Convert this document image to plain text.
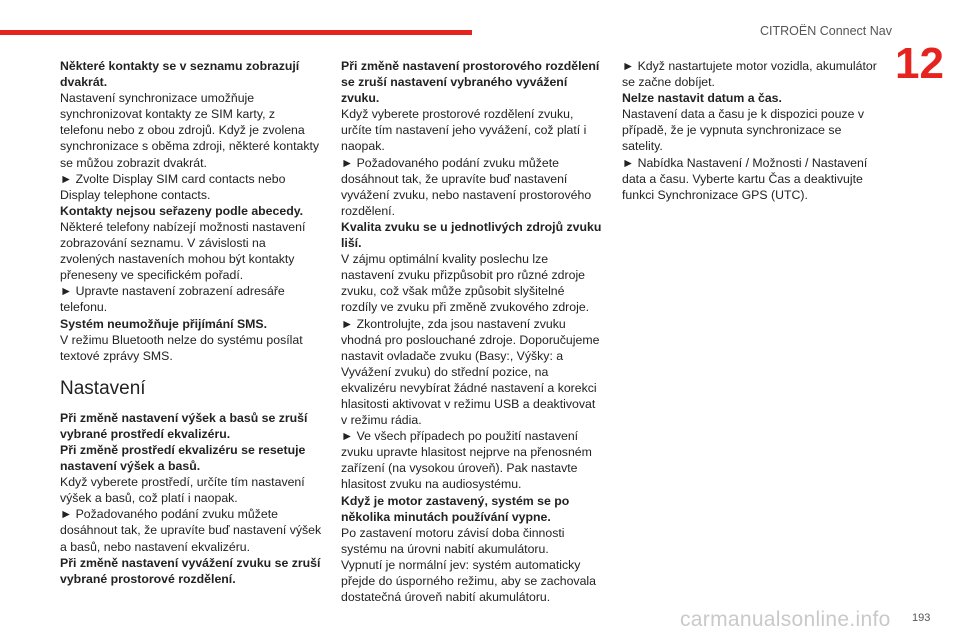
CITROËN Connect Nav
12

Některé kontakty se v seznamu zobrazují dvakrát.

Nastavení synchronizace umožňuje synchronizovat kontakty ze SIM karty, z telefonu nebo z obou zdrojů. Když je zvolena synchronizace s oběma zdroji, některé kontakty se můžou zobrazit dvakrát.

► Zvolte Display SIM card contacts nebo Display telephone contacts.

Kontakty nejsou seřazeny podle abecedy.

Některé telefony nabízejí možnosti nastavení zobrazování seznamu. V závislosti na zvolených nastaveních mohou být kontakty přeneseny ve specifickém pořadí.

► Upravte nastavení zobrazení adresáře telefonu.

Systém neumožňuje přijímání SMS.

V režimu Bluetooth nelze do systému posílat textové zprávy SMS.

Nastavení

Při změně nastavení výšek a basů se zruší vybrané prostředí ekvalizéru.

Při změně prostředí ekvalizéru se resetuje nastavení výšek a basů.

Když vyberete prostředí, určíte tím nastavení výšek a basů, což platí i naopak.

► Požadovaného podání zvuku můžete dosáhnout tak, že upravíte buď nastavení výšek a basů, nebo nastavení ekvalizéru.

Při změně nastavení vyvážení zvuku se zruší vybrané prostorové rozdělení.

Při změně nastavení prostorového rozdělení se zruší nastavení vybraného vyvážení zvuku.

Když vyberete prostorové rozdělení zvuku, určíte tím nastavení jeho vyvážení, což platí i naopak.

► Požadovaného podání zvuku můžete dosáhnout tak, že upravíte buď nastavení vyvážení zvuku, nebo nastavení prostorového rozdělení.

Kvalita zvuku se u jednotlivých zdrojů zvuku liší.

V zájmu optimální kvality poslechu lze nastavení zvuku přizpůsobit pro různé zdroje zvuku, což však může způsobit slyšitelné rozdíly ve zvuku při změně zvukového zdroje.

► Zkontrolujte, zda jsou nastavení zvuku vhodná pro poslouchané zdroje. Doporučujeme nastavit ovladače zvuku (Basy:, Výšky: a Vyvážení zvuku) do střední pozice, na ekvalizéru nevybírat žádné nastavení a korekci hlasitosti aktivovat v režimu USB a deaktivovat v režimu rádia.

► Ve všech případech po použití nastavení zvuku upravte hlasitost nejprve na přenosném zařízení (na vysokou úroveň). Pak nastavte hlasitost zvuku na audiosystému.

Když je motor zastavený, systém se po několika minutách používání vypne.

Po zastavení motoru závisí doba činnosti systému na úrovni nabití akumulátoru.

Vypnutí je normální jev: systém automaticky přejde do úsporného režimu, aby se zachovala dostatečná úroveň nabití akumulátoru.

► Když nastartujete motor vozidla, akumulátor se začne dobíjet.

Nelze nastavit datum a čas.

Nastavení data a času je k dispozici pouze v případě, že je vypnuta synchronizace se satelity.

► Nabídka Nastavení / Možnosti / Nastavení data a času. Vyberte kartu Čas a deaktivujte funkci Synchronizace GPS (UTC).

carmanualsonline.info 193
